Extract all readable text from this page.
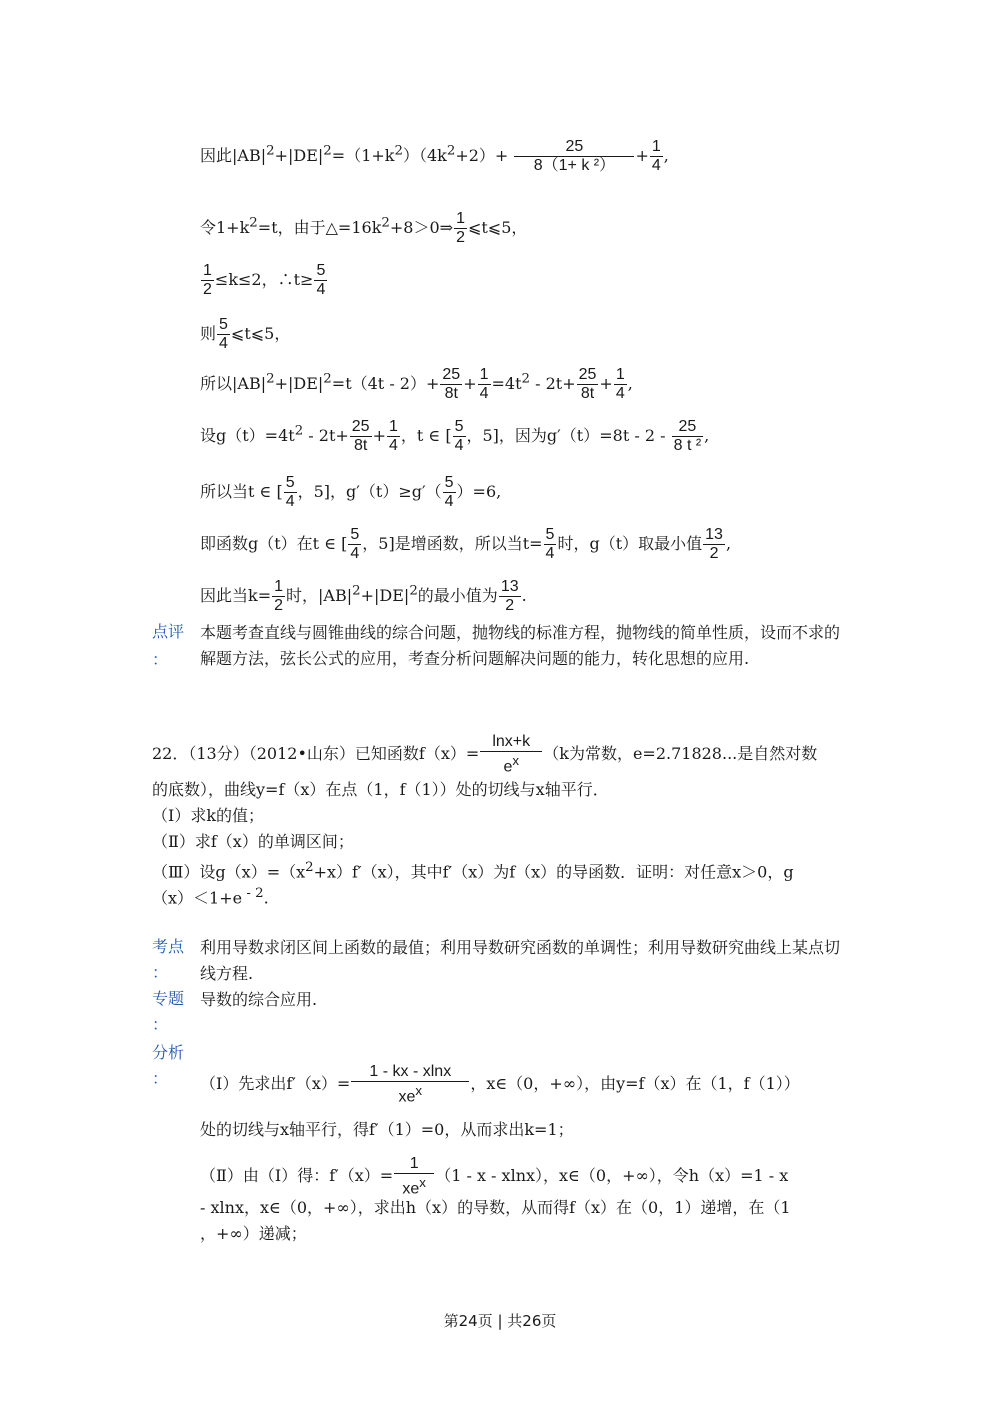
因此$|AB|^2+|DE|^2=(1+k^2)(4k^2+2)+ \frac{25}{\text{8（1+ k ²）}} + \frac{1}{4}$ ,
令$1+k^2=t$，由于$\triangle=16k^2+8>0\Rightarrow \frac{1}{2}$ ⩽t⩽5，
$\frac{1}{2} \le k\le 2$，∴t≥ $\frac{5}{4}$
则 $\frac{5}{4}$ ⩽t⩽5，
所以$|AB|^2+|DE|^2=t(4t - 2)+ \frac{25}{8t} + \frac{1}{4} =4t^2 - 2t+ \frac{25}{8t} + \frac{1}{4}$ ,
设$g(t)=4t^2 - 2t+ \frac{25}{8t} + \frac{1}{4}$ ，t ∈ [ $\frac{5}{4}$ ，5]，因为$g'(t)=8t - 2 - \frac{25}{\text{8 t ²}}$ ,
所以当t ∈ [ $\frac{5}{4}$ ，5]，$g'(t)\ge g'( \frac{5}{4} )=6$,
即函数g（t）在t ∈ [ $\frac{5}{4}$ ，5]是增函数，所以当$t= \frac{5}{4}$ 时，g（t）取最小值 $\frac{13}{2}$ ,
因此当$k= \frac{1}{2}$ 时，$|AB|^2+|DE|^2$的最小值为 $\frac{13}{2}$ .
点评
：
本题考查直线与圆锥曲线的综合问题，抛物线的标准方程，抛物线的简单性质，设而不求的解题方法，弦长公式的应用，考查分析问题解决问题的能力，转化思想的应用.
22．（13分）（2012•山东）已知函数$f(x)= \frac{\ln x+k}{e^x} (k$为常数，e=2.71828...是自然对数
的底数），曲线y=f（x）在点（1，f（1））处的切线与x轴平行．
（Ⅰ）求k的值；
（Ⅱ）求f（x）的单调区间；
（Ⅲ）设$g(x)=(x^2+x)f'(x)$，其中f′（x）为f（x）的导函数．证明：对任意x＞0，g
（x）＜1+e $^{- 2}$.
考点
：
利用导数求闭区间上函数的最值；利用导数研究函数的单调性；利用导数研究曲线上某点切线方程.
专题
：
导数的综合应用.
分析
： （Ⅰ）先求出$f'(x)= \frac{1 - kx - xlnx}{xe^x}$ ，x∈（0，+∞），由y=f（x）在（1，f（1））
处的切线与x轴平行，得f′（1）=0，从而求出k=1；
（Ⅱ）由（Ⅰ）得：$f'(x)= \frac{1}{xe^x} (1 - x - xlnx)$，x∈（0，+∞），令h（x）=1 - x
- xlnx，x∈（0，+∞），求出h（x）的导数，从而得f（x）在（0，1）递增，在（1
，+∞）递减；
第24页 | 共26页
